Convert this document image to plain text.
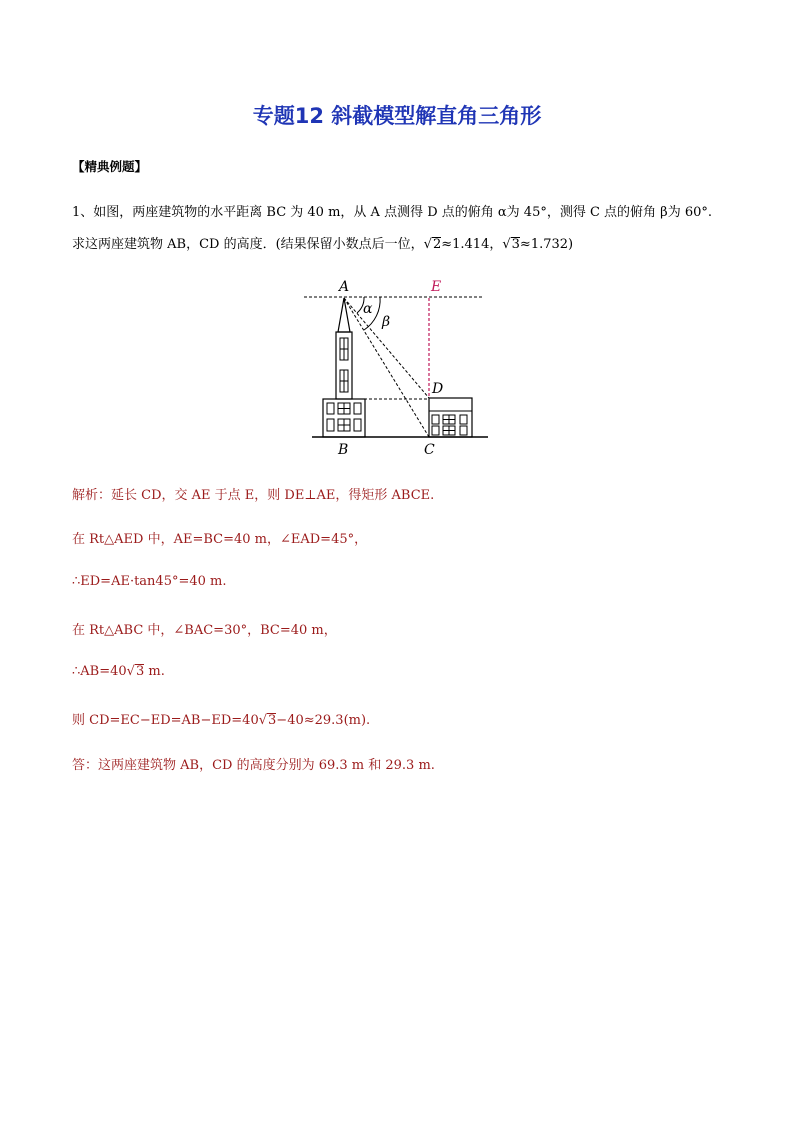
专题12 斜截模型解直角三角形
【精典例题】
1、如图，两座建筑物的水平距离 BC 为 40 m，从 A 点测得 D 点的俯角 α为 45°，测得 C 点的俯角 β为 60°.
求这两座建筑物 AB，CD 的高度．(结果保留小数点后一位，√2≈1.414，√3≈1.732)
A	E
α
β
D
B	C
解析：延长 CD，交 AE 于点 E，则 DE⊥AE，得矩形 ABCE.
在 Rt△AED 中，AE=BC=40 m，∠EAD=45°，
∴ED=AE·tan45°=40 m.
在 Rt△ABC 中，∠BAC=30°，BC=40 m，
∴AB=40√3 m.
则 CD=EC−ED=AB−ED=40√3−40≈29.3(m).
答：这两座建筑物 AB，CD 的高度分别为 69.3 m 和 29.3 m.
